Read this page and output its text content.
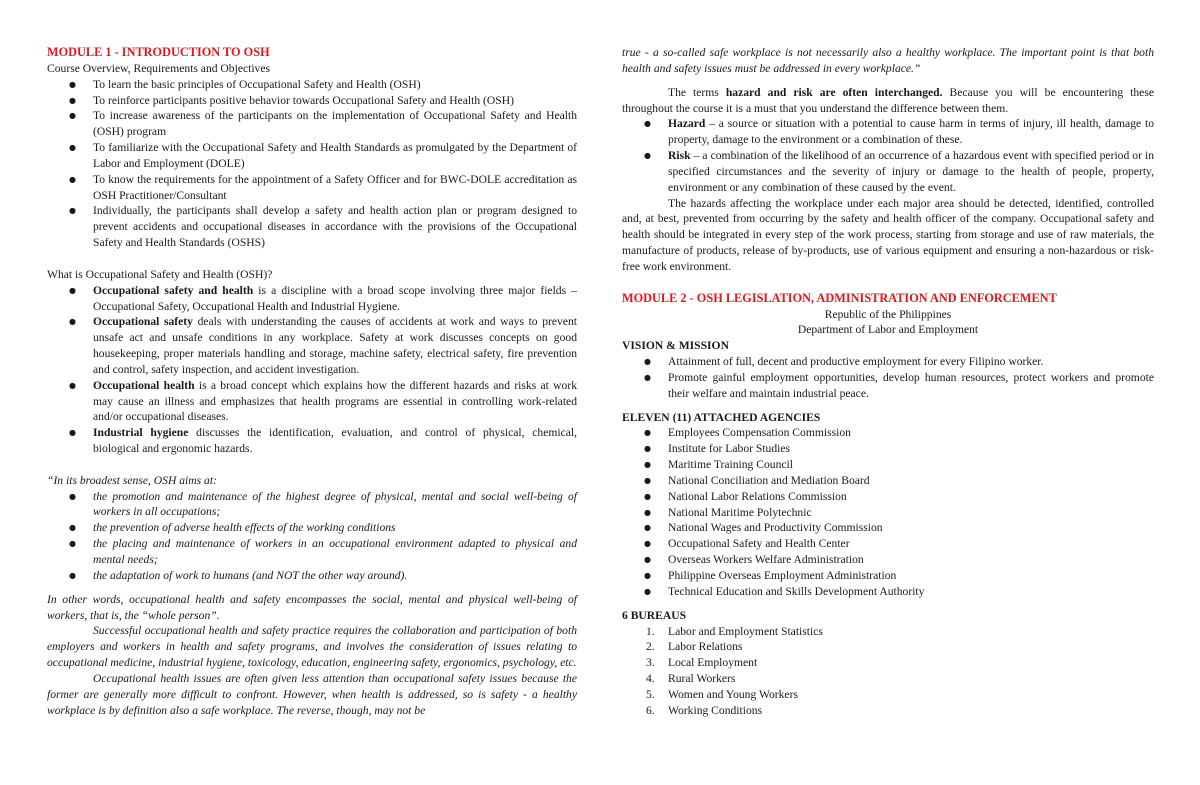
MODULE 1 - INTRODUCTION TO OSH

Course Overview, Requirements and Objectives

● To learn the basic principles of Occupational Safety and Health (OSH)
● To reinforce participants positive behavior towards Occupational Safety and Health (OSH)
● To increase awareness of the participants on the implementation of Occupational Safety and Health (OSH) program
● To familiarize with the Occupational Safety and Health Standards as promulgated by the Department of Labor and Employment (DOLE)
● To know the requirements for the appointment of a Safety Officer and for BWC-DOLE accreditation as OSH Practitioner/Consultant
● Individually, the participants shall develop a safety and health action plan or program designed to prevent accidents and occupational diseases in accordance with the provisions of the Occupational Safety and Health Standards (OSHS)

What is Occupational Safety and Health (OSH)?

● Occupational safety and health is a discipline with a broad scope involving three major fields – Occupational Safety, Occupational Health and Industrial Hygiene.
● Occupational safety deals with understanding the causes of accidents at work and ways to prevent unsafe act and unsafe conditions in any workplace. Safety at work discusses concepts on good housekeeping, proper materials handling and storage, machine safety, electrical safety, fire prevention and control, safety inspection, and accident investigation.
● Occupational health is a broad concept which explains how the different hazards and risks at work may cause an illness and emphasizes that health programs are essential in controlling work-related and/or occupational diseases.
● Industrial hygiene discusses the identification, evaluation, and control of physical, chemical, biological and ergonomic hazards.

“In its broadest sense, OSH aims at:

● the promotion and maintenance of the highest degree of physical, mental and social well-being of workers in all occupations;
● the prevention of adverse health effects of the working conditions
● the placing and maintenance of workers in an occupational environment adapted to physical and mental needs;
● the adaptation of work to humans (and NOT the other way around).

In other words, occupational health and safety encompasses the social, mental and physical well-being of workers, that is, the “whole person”.

Successful occupational health and safety practice requires the collaboration and participation of both employers and workers in health and safety programs, and involves the consideration of issues relating to occupational medicine, industrial hygiene, toxicology, education, engineering safety, ergonomics, psychology, etc.

Occupational health issues are often given less attention than occupational safety issues because the former are generally more difficult to confront. However, when health is addressed, so is safety - a healthy workplace is by definition also a safe workplace. The reverse, though, may not be

true - a so-called safe workplace is not necessarily also a healthy workplace. The important point is that both health and safety issues must be addressed in every workplace.”

The terms hazard and risk are often interchanged. Because you will be encountering these throughout the course it is a must that you understand the difference between them.

● Hazard – a source or situation with a potential to cause harm in terms of injury, ill health, damage to property, damage to the environment or a combination of these.
● Risk – a combination of the likelihood of an occurrence of a hazardous event with specified period or in specified circumstances and the severity of injury or damage to the health of people, property, environment or any combination of these caused by the event.

The hazards affecting the workplace under each major area should be detected, identified, controlled and, at best, prevented from occurring by the safety and health officer of the company. Occupational safety and health should be integrated in every step of the work process, starting from storage and use of raw materials, the manufacture of products, release of by-products, use of various equipment and ensuring a non-hazardous or risk-free work environment.

MODULE 2 - OSH LEGISLATION, ADMINISTRATION AND ENFORCEMENT

Republic of the Philippines

Department of Labor and Employment

VISION & MISSION

● Attainment of full, decent and productive employment for every Filipino worker.
● Promote gainful employment opportunities, develop human resources, protect workers and promote their welfare and maintain industrial peace.

ELEVEN (11) ATTACHED AGENCIES

● Employees Compensation Commission
● Institute for Labor Studies
● Maritime Training Council
● National Conciliation and Mediation Board
● National Labor Relations Commission
● National Maritime Polytechnic
● National Wages and Productivity Commission
● Occupational Safety and Health Center
● Overseas Workers Welfare Administration
● Philippine Overseas Employment Administration
● Technical Education and Skills Development Authority

6 BUREAUS

1. Labor and Employment Statistics
2. Labor Relations
3. Local Employment
4. Rural Workers
5. Women and Young Workers
6. Working Conditions
